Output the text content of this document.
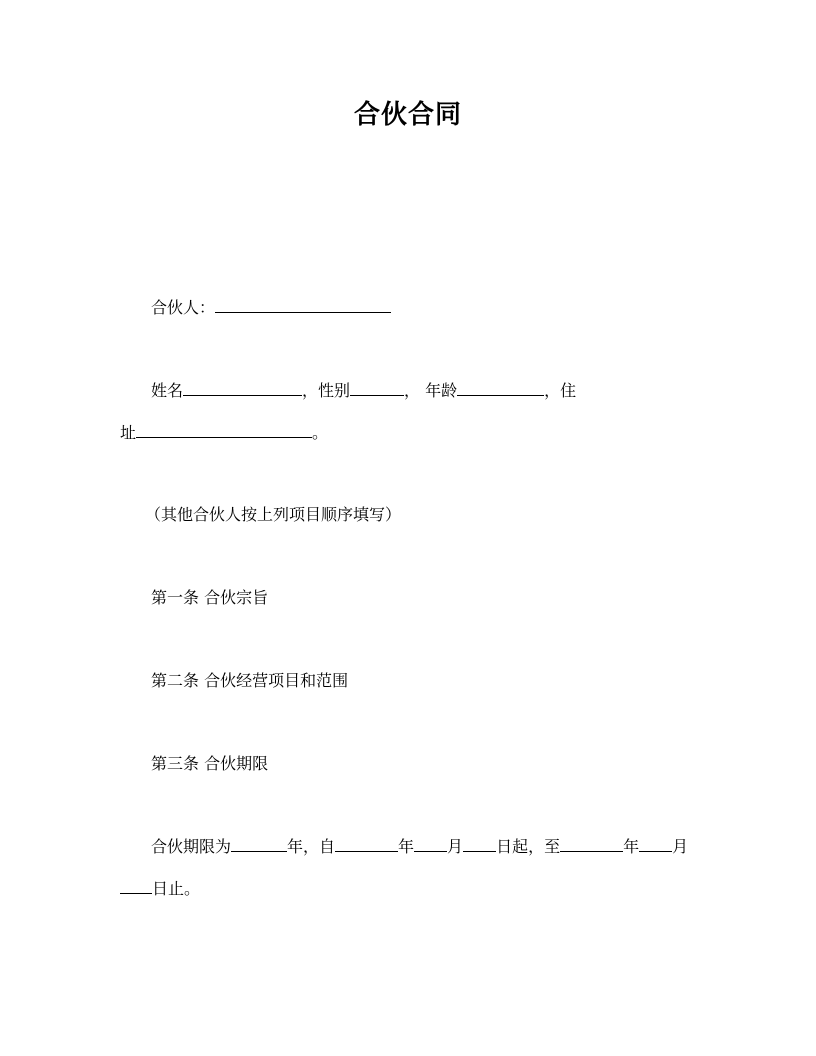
合伙合同
合伙人：
姓名	，性别	， 年龄	，住
址	。
（其他合伙人按上列项目顺序填写）
第一条 合伙宗旨
第二条 合伙经营项目和范围
第三条 合伙期限
合伙期限为	年，自	年 月 日起，至	年 月
日止。
